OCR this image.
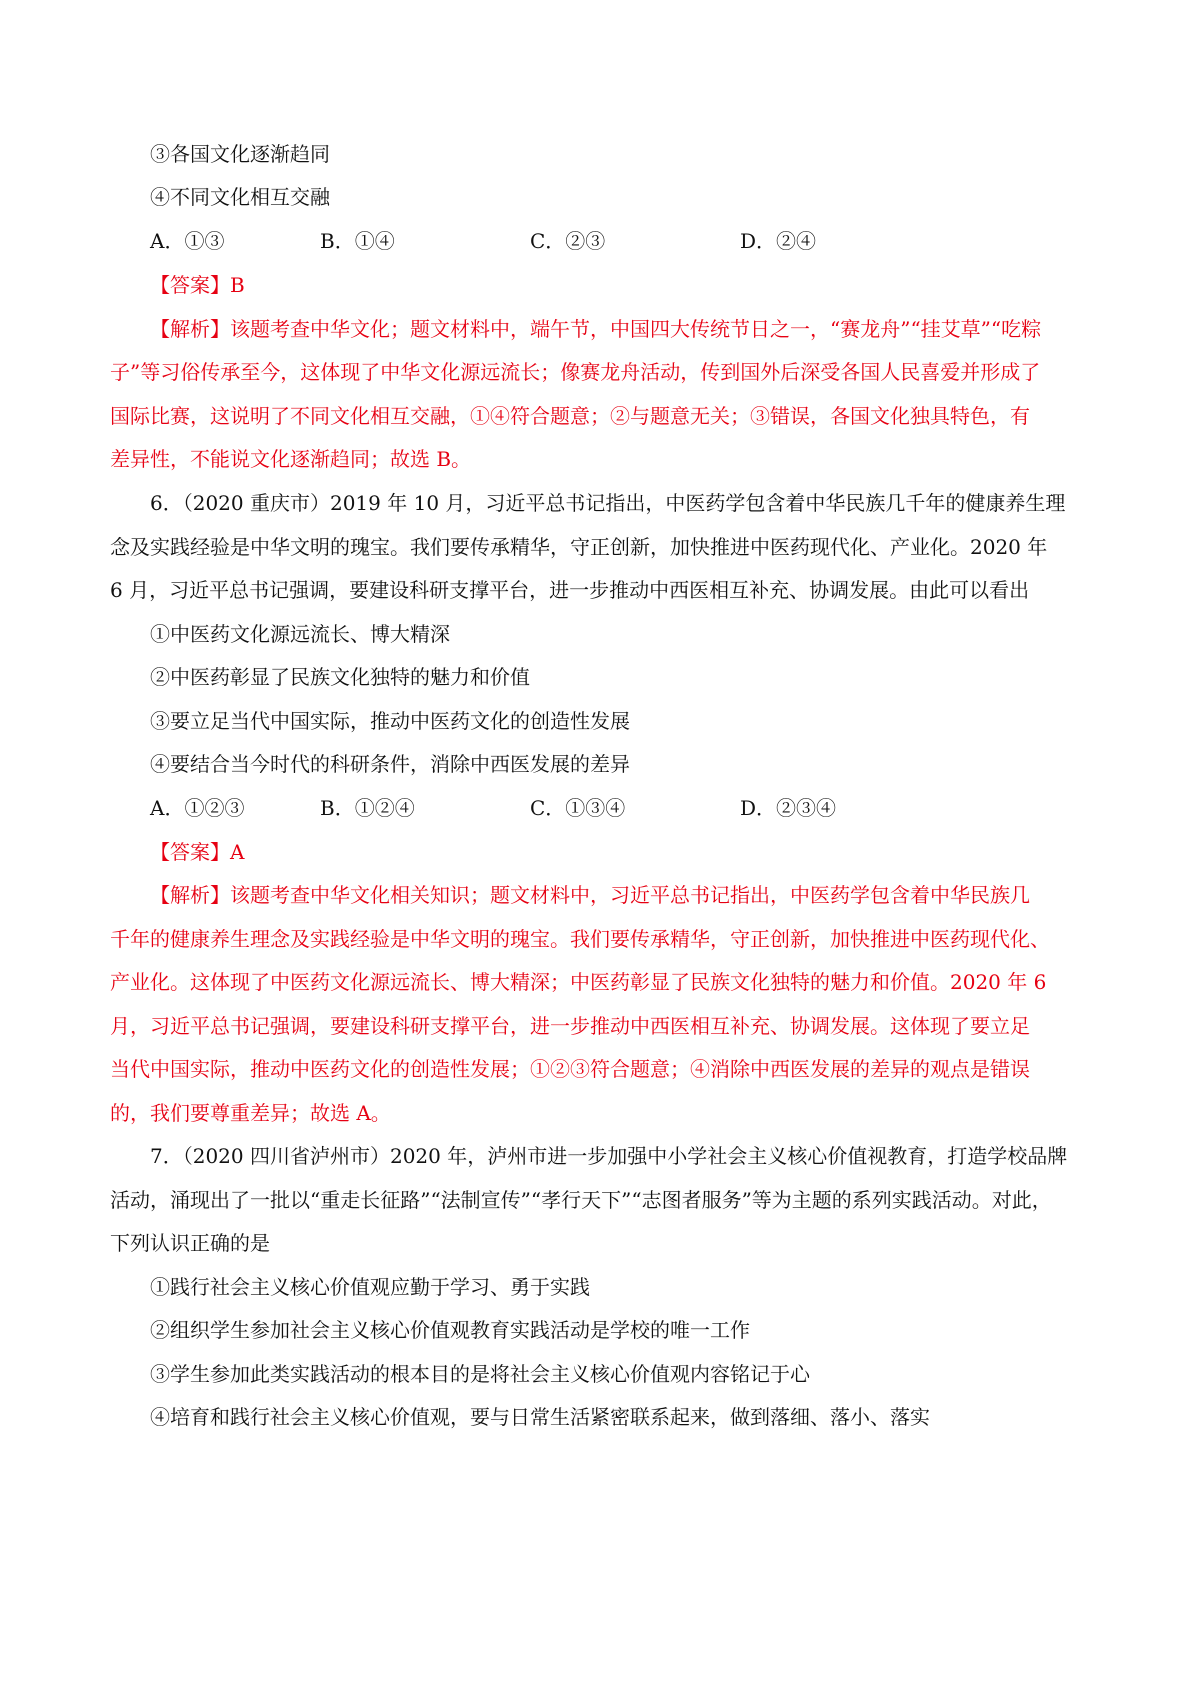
③各国文化逐渐趋同
④不同文化相互交融
A．①③	B．①④	C．②③	D．②④
【答案】B
【解析】该题考查中华文化；题文材料中，端午节，中国四大传统节日之一，“赛龙舟”“挂艾草”“吃粽
子”等习俗传承至今，这体现了中华文化源远流长；像赛龙舟活动，传到国外后深受各国人民喜爱并形成了
国际比赛，这说明了不同文化相互交融，①④符合题意；②与题意无关；③错误，各国文化独具特色，有
差异性，不能说文化逐渐趋同；故选 B。
6．（2020 重庆市）2019 年 10 月，习近平总书记指出，中医药学包含着中华民族几千年的健康养生理
念及实践经验是中华文明的瑰宝。我们要传承精华，守正创新，加快推进中医药现代化、产业化。2020 年
6 月，习近平总书记强调，要建设科研支撑平台，进一步推动中西医相互补充、协调发展。由此可以看出
①中医药文化源远流长、博大精深
②中医药彰显了民族文化独特的魅力和价值
③要立足当代中国实际，推动中医药文化的创造性发展
④要结合当今时代的科研条件，消除中西医发展的差异
A．①②③	B．①②④	C．①③④	D．②③④
【答案】A
【解析】该题考查中华文化相关知识；题文材料中，习近平总书记指出，中医药学包含着中华民族几
千年的健康养生理念及实践经验是中华文明的瑰宝。我们要传承精华，守正创新，加快推进中医药现代化、
产业化。这体现了中医药文化源远流长、博大精深；中医药彰显了民族文化独特的魅力和价值。2020 年 6
月，习近平总书记强调，要建设科研支撑平台，进一步推动中西医相互补充、协调发展。这体现了要立足
当代中国实际，推动中医药文化的创造性发展；①②③符合题意；④消除中西医发展的差异的观点是错误
的，我们要尊重差异；故选 A。
7．（2020 四川省泸州市）2020 年，泸州市进一步加强中小学社会主义核心价值视教育，打造学校品牌
活动，涌现出了一批以“重走长征路”“法制宣传”“孝行天下”“志图者服务”等为主题的系列实践活动。对此，
下列认识正确的是
①践行社会主义核心价值观应勤于学习、勇于实践
②组织学生参加社会主义核心价值观教育实践活动是学校的唯一工作
③学生参加此类实践活动的根本目的是将社会主义核心价值观内容铭记于心
④培育和践行社会主义核心价值观，要与日常生活紧密联系起来，做到落细、落小、落实
